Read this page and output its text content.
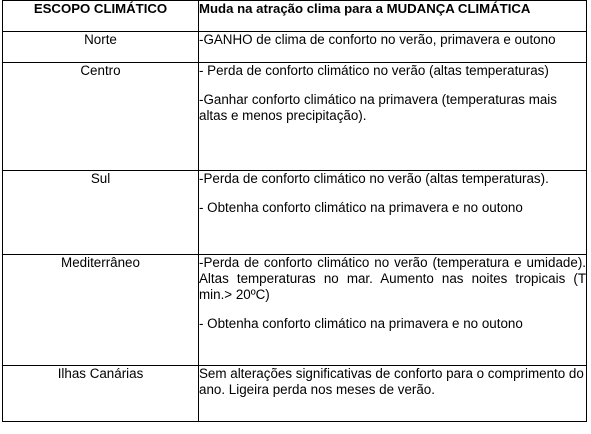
ESCOPO CLIMÁTICO	Muda na atração clima para a MUDANÇA CLIMÁTICA
Norte	-GANHO de clima de conforto no verão, primavera e outono

Centro	- Perda de conforto climático no verão (altas temperaturas)

-Ganhar conforto climático na primavera (temperaturas mais altas e menos precipitação).

Sul	-Perda de conforto climático no verão (altas temperaturas).

- Obtenha conforto climático na primavera e no outono

Mediterrâneo	-Perda de conforto climático no verão (temperatura e umidade). Altas temperaturas no mar. Aumento nas noites tropicais (T min.> 20ºC)

- Obtenha conforto climático na primavera e no outono

Ilhas Canárias	Sem alterações significativas de conforto para o comprimento do ano. Ligeira perda nos meses de verão.
